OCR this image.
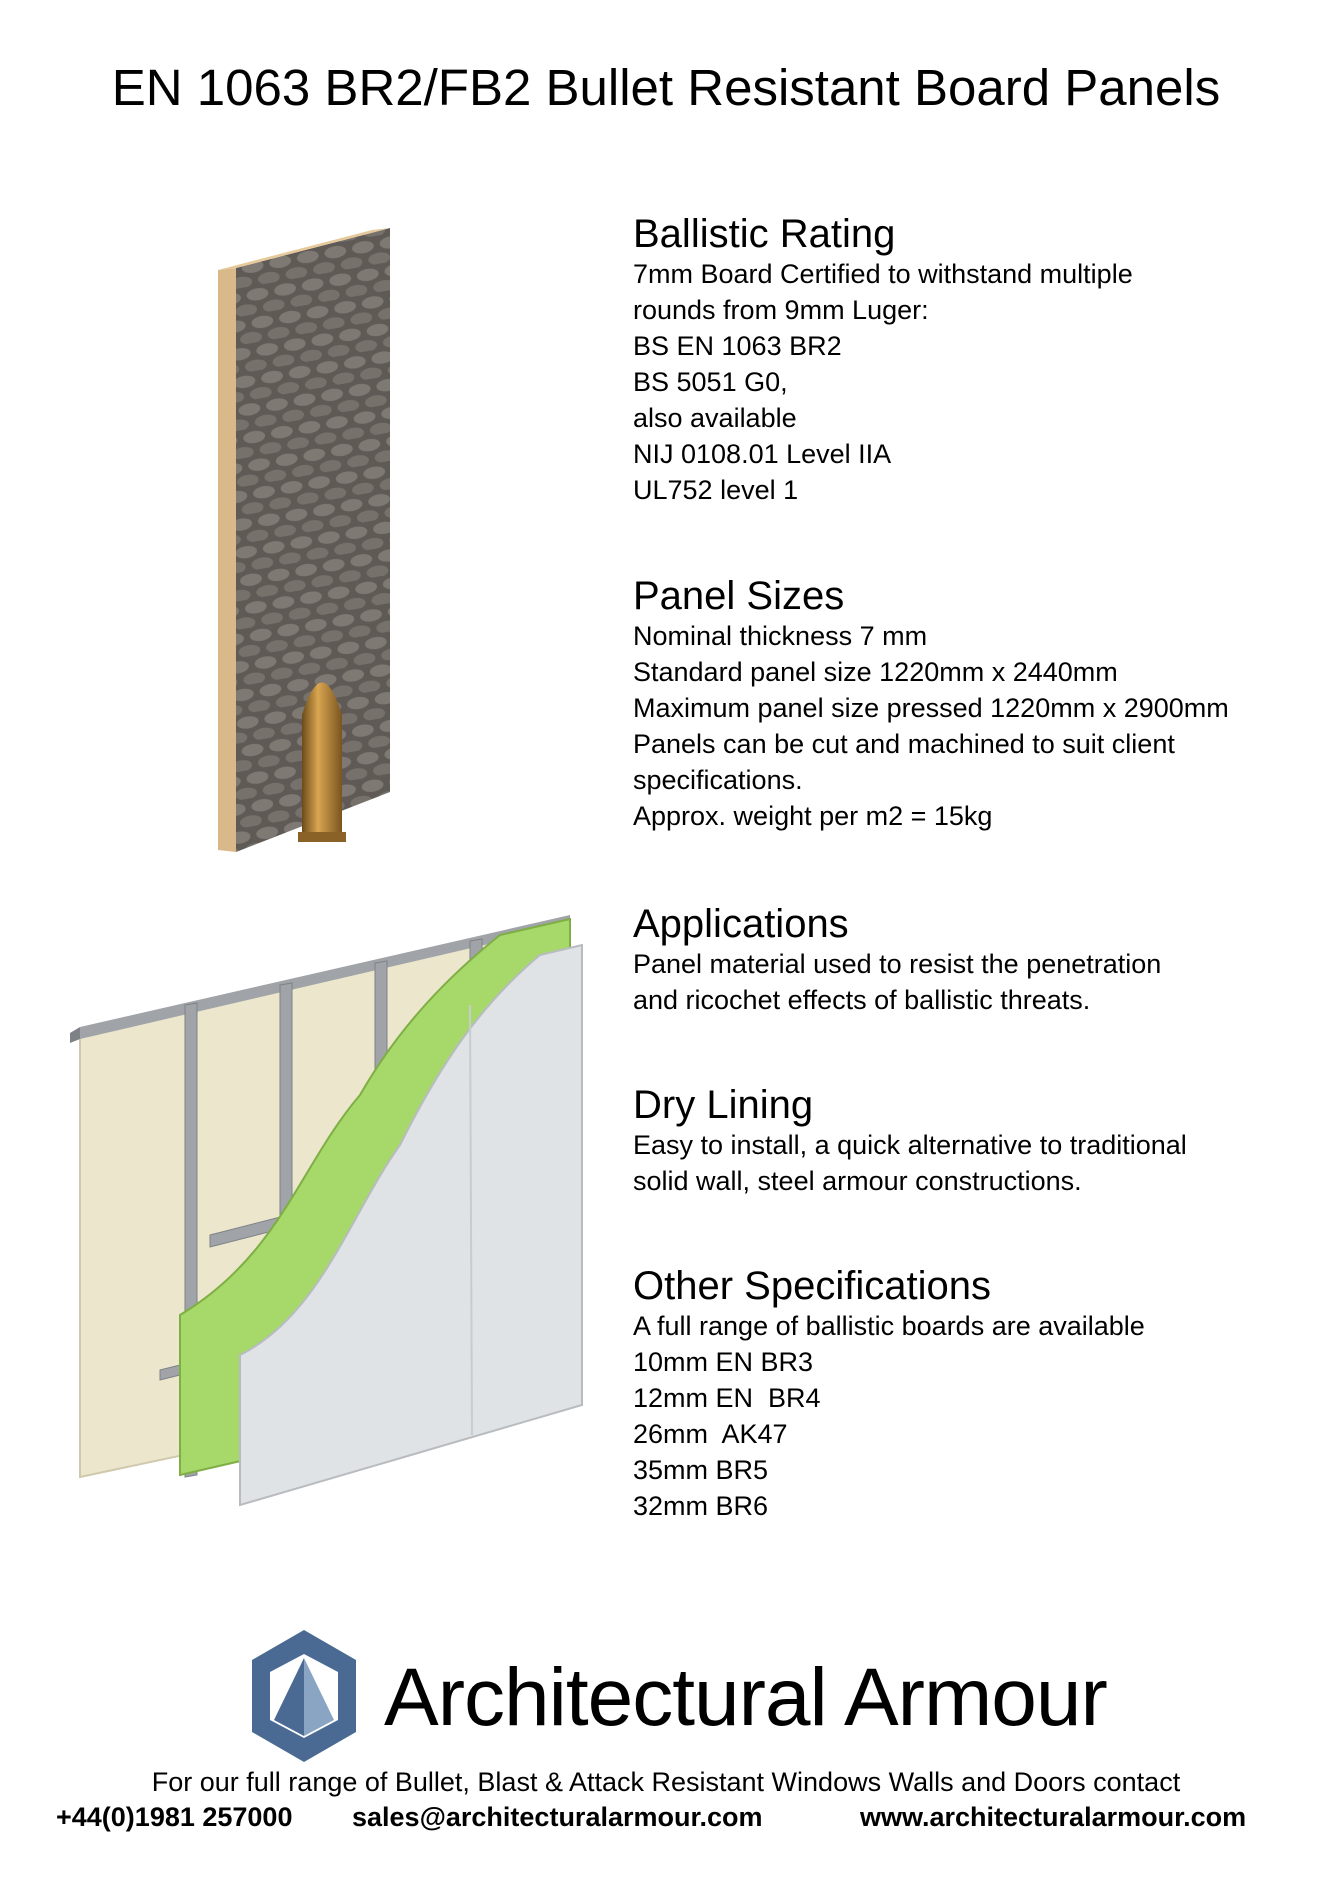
EN 1063 BR2/FB2 Bullet Resistant Board Panels
Ballistic Rating
7mm Board Certified to withstand multiple
rounds from 9mm Luger:
BS EN 1063 BR2
BS 5051 G0,
also available
NIJ 0108.01 Level IIA
UL752 level 1
Panel Sizes
Nominal thickness 7 mm
Standard panel size 1220mm x 2440mm
Maximum panel size pressed 1220mm x 2900mm
Panels can be cut and machined to suit client
specifications.
Approx. weight per m2 = 15kg
Applications
Panel material used to resist the penetration
and ricochet effects of ballistic threats.
Dry Lining
Easy to install, a quick alternative to traditional
solid wall, steel armour constructions.
Other Specifications
A full range of ballistic boards are available
10mm EN BR3
12mm EN  BR4
26mm  AK47
35mm BR5
32mm BR6
Architectural Armour
For our full range of Bullet, Blast & Attack Resistant Windows Walls and Doors contact
+44(0)1981 257000 sales@architecturalarmour.com	www.architecturalarmour.com
